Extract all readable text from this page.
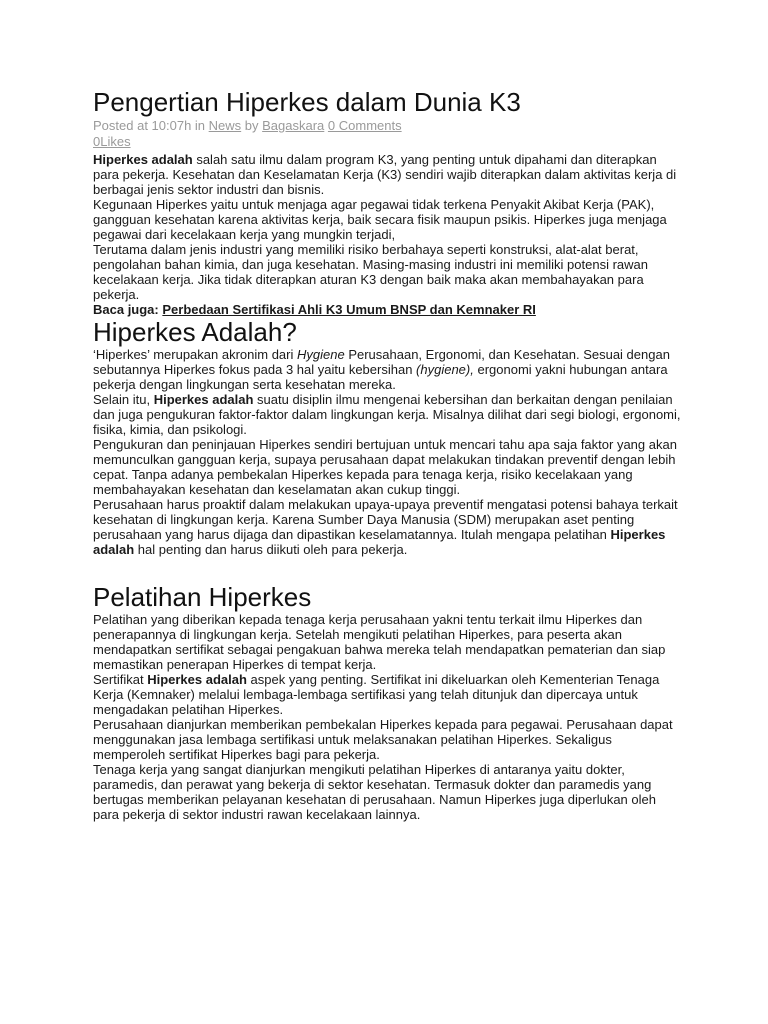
Pengertian Hiperkes dalam Dunia K3
Posted at 10:07h in News by Bagaskara 0 Comments
0Likes

Hiperkes adalah salah satu ilmu dalam program K3, yang penting untuk dipahami dan diterapkan para pekerja. Kesehatan dan Keselamatan Kerja (K3) sendiri wajib diterapkan dalam aktivitas kerja di berbagai jenis sektor industri dan bisnis.

Kegunaan Hiperkes yaitu untuk menjaga agar pegawai tidak terkena Penyakit Akibat Kerja (PAK), gangguan kesehatan karena aktivitas kerja, baik secara fisik maupun psikis. Hiperkes juga menjaga pegawai dari kecelakaan kerja yang mungkin terjadi,

Terutama dalam jenis industri yang memiliki risiko berbahaya seperti konstruksi, alat-alat berat, pengolahan bahan kimia, dan juga kesehatan. Masing-masing industri ini memiliki potensi rawan kecelakaan kerja. Jika tidak diterapkan aturan K3 dengan baik maka akan membahayakan para pekerja.

Baca juga: Perbedaan Sertifikasi Ahli K3 Umum BNSP dan Kemnaker RI

Hiperkes Adalah?

‘Hiperkes’ merupakan akronim dari Hygiene Perusahaan, Ergonomi, dan Kesehatan. Sesuai dengan sebutannya Hiperkes fokus pada 3 hal yaitu kebersihan (hygiene), ergonomi yakni hubungan antara pekerja dengan lingkungan serta kesehatan mereka.

Selain itu, Hiperkes adalah suatu disiplin ilmu mengenai kebersihan dan berkaitan dengan penilaian dan juga pengukuran faktor-faktor dalam lingkungan kerja. Misalnya dilihat dari segi biologi, ergonomi, fisika, kimia, dan psikologi.

Pengukuran dan peninjauan Hiperkes sendiri bertujuan untuk mencari tahu apa saja faktor yang akan memunculkan gangguan kerja, supaya perusahaan dapat melakukan tindakan preventif dengan lebih cepat. Tanpa adanya pembekalan Hiperkes kepada para tenaga kerja, risiko kecelakaan yang membahayakan kesehatan dan keselamatan akan cukup tinggi.

Perusahaan harus proaktif dalam melakukan upaya-upaya preventif mengatasi potensi bahaya terkait kesehatan di lingkungan kerja. Karena Sumber Daya Manusia (SDM) merupakan aset penting perusahaan yang harus dijaga dan dipastikan keselamatannya. Itulah mengapa pelatihan Hiperkes adalah hal penting dan harus diikuti oleh para pekerja.

Pelatihan Hiperkes

Pelatihan yang diberikan kepada tenaga kerja perusahaan yakni tentu terkait ilmu Hiperkes dan penerapannya di lingkungan kerja. Setelah mengikuti pelatihan Hiperkes, para peserta akan mendapatkan sertifikat sebagai pengakuan bahwa mereka telah mendapatkan pematerian dan siap memastikan penerapan Hiperkes di tempat kerja.

Sertifikat Hiperkes adalah aspek yang penting. Sertifikat ini dikeluarkan oleh Kementerian Tenaga Kerja (Kemnaker) melalui lembaga-lembaga sertifikasi yang telah ditunjuk dan dipercaya untuk mengadakan pelatihan Hiperkes.

Perusahaan dianjurkan memberikan pembekalan Hiperkes kepada para pegawai. Perusahaan dapat menggunakan jasa lembaga sertifikasi untuk melaksanakan pelatihan Hiperkes. Sekaligus memperoleh sertifikat Hiperkes bagi para pekerja.

Tenaga kerja yang sangat dianjurkan mengikuti pelatihan Hiperkes di antaranya yaitu dokter, paramedis, dan perawat yang bekerja di sektor kesehatan. Termasuk dokter dan paramedis yang bertugas memberikan pelayanan kesehatan di perusahaan. Namun Hiperkes juga diperlukan oleh para pekerja di sektor industri rawan kecelakaan lainnya.
